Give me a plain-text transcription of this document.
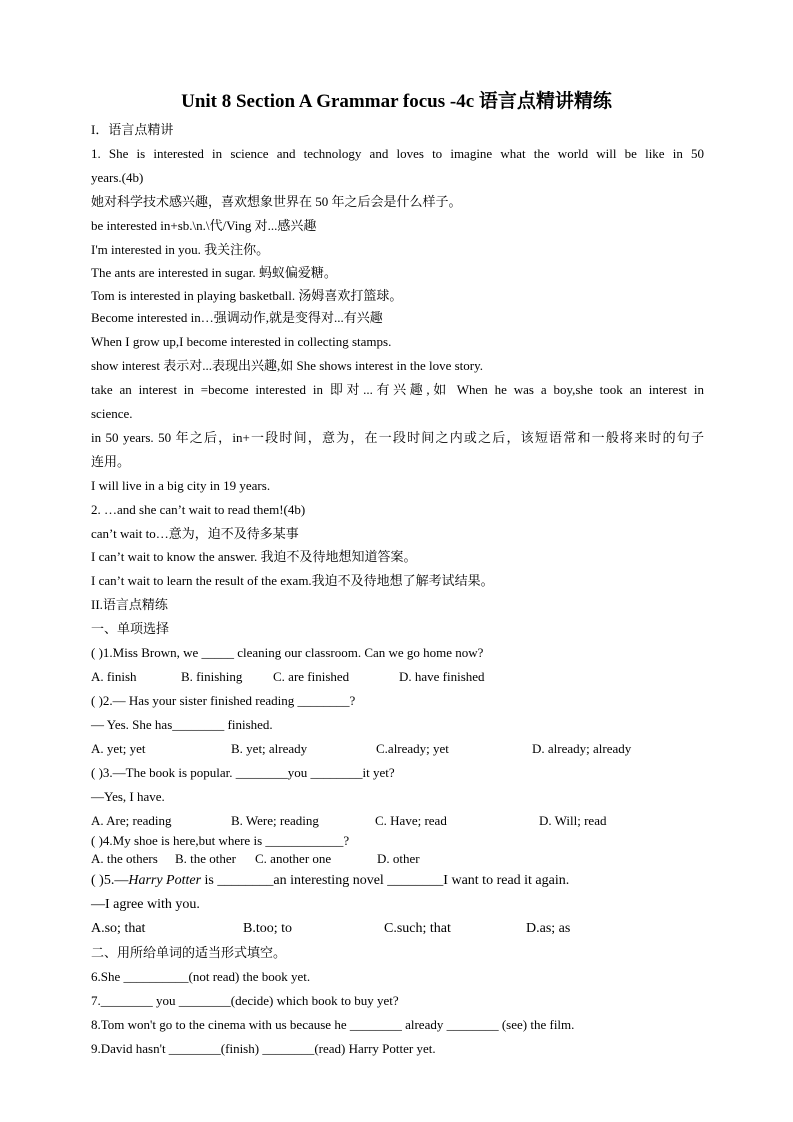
Unit 8 Section A Grammar focus -4c 语言点精讲精练
I．语言点精讲
1. She is interested in science and technology and loves to imagine what the world will be like in 50
years.(4b)
她对科学技术感兴趣，喜欢想象世界在 50 年之后会是什么样子。
be interested in+sb.\n.\代/Ving 对...感兴趣
I'm interested in you. 我关注你。
The ants are interested in sugar. 蚂蚁偏爱糖。
Tom is interested in playing basketball. 汤姆喜欢打篮球。
Become interested in…强调动作,就是变得对...有兴趣
When I grow up,I become interested in collecting stamps.
show interest 表示对...表现出兴趣,如 She shows interest in the love story.
take an interest in =become interested in 即对...有兴趣,如 When he was a boy,she took an interest in
science.
in 50 years. 50 年之后，in+一段时间，意为，在一段时间之内或之后，该短语常和一般将来时的句子
连用。
I will live in a big city in 19 years.
2. …and she can’t wait to read them!(4b)
can’t wait to…意为，迫不及待多某事
I can’t wait to know the answer. 我迫不及待地想知道答案。
I can’t wait to learn the result of the exam.我迫不及待地想了解考试结果。
II.语言点精练
一、单项选择
( )1.Miss Brown, we _____ cleaning our classroom. Can we go home now?
A. finish	B. finishing C. are finished	D. have finished
( )2.— Has your sister finished reading ________?
— Yes. She has________ finished.
A. yet; yet	B. yet; already	C.already; yet	D. already; already
( )3.—The book is popular. ________you ________it yet?
—Yes, I have.
A. Are; reading	B. Were; reading	C. Have; read	D. Will; read
( )4.My shoe is here,but where is ____________?
A. the others B. the other C. another one	D. other
( )5.—Harry Potter is ________an interesting novel ________I want to read it again.
—I agree with you.
A.so; that	B.too; to	C.such; that	D.as; as
二、用所给单词的适当形式填空。
6.She __________(not read) the book yet.
7.________ you ________(decide) which book to buy yet?
8.Tom won't go to the cinema with us because he ________ already ________ (see) the film.
9.David hasn't ________(finish) ________(read) Harry Potter yet.
